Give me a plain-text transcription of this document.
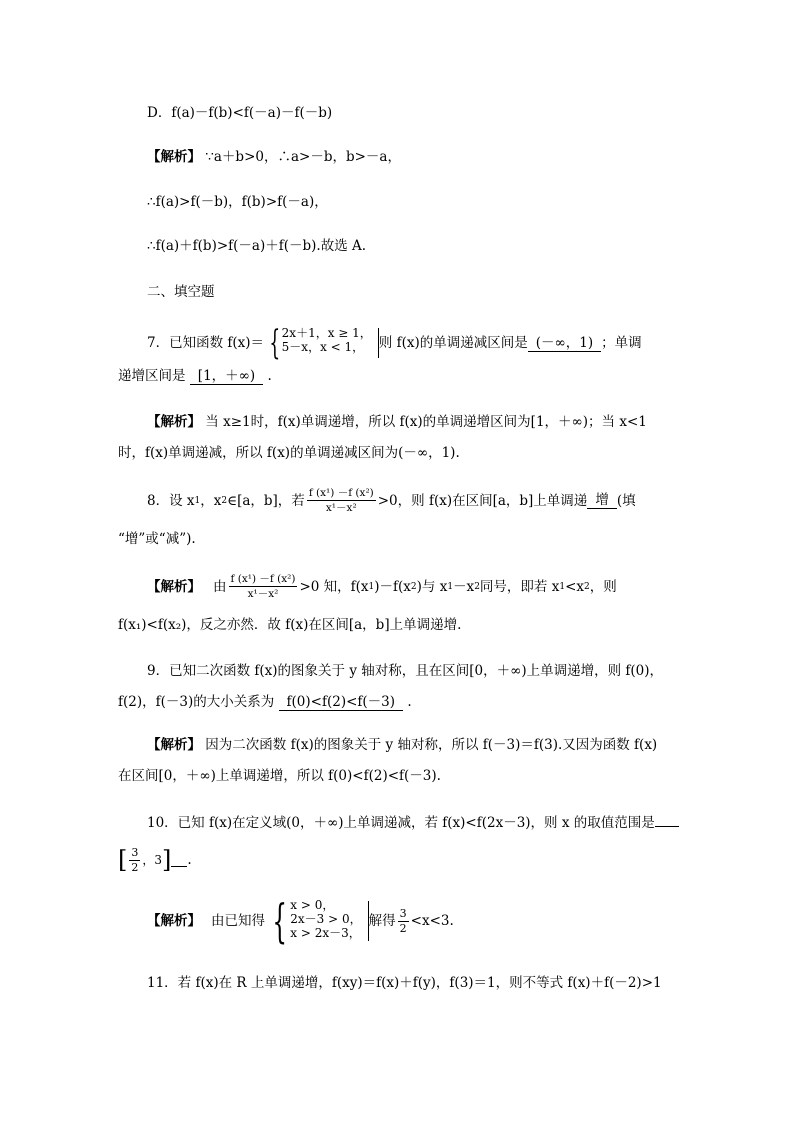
D．f(a)－f(b)<f(－a)－f(－b)
【解析】 ∵a＋b>0，∴a>－b，b>－a，
∴f(a)>f(－b)，f(b)>f(－a)，
∴f(a)＋f(b)>f(－a)＋f(－b).故选 A.
二、填空题
7．已知函数 f(x)＝ { 2x＋1，x ≥ 1，
5－x，x < 1，	则 f(x)的单调递减区间是 (－∞，1) ；单调
递增区间是 [1，＋∞) .
【解析】 当 x≥1时，f(x)单调递增，所以 f(x)的单调递增区间为[1，＋∞)；当 x<1
时，f(x)单调递减，所以 f(x)的单调递减区间为(－∞，1).
8．设 x 1 ，x 2 ∈[a，b]，若 $\frac{\text{f (x¹) －f (x²)}}{\text{x¹－x²}} >0$，则 f(x)在区间[a，b]上单调递 增 (填
“增”或“减”).
【解析】 由 $\frac{\text{f (x¹) －f (x²)}}{\text{x¹－x²}} >0$ 知，f(x 1 )－f(x 2 ) 与 x 1 －x 2 同号，即若 x 1 <x 2 ，则
f(x₁)<f(x₂)，反之亦然．故 f(x)在区间[a，b]上单调递增.
9．已知二次函数 f(x)的图象关于 y 轴对称，且在区间[0，＋∞)上单调递增，则 f(0)，
f(2)，f(－3)的大小关系为 f(0)<f(2)<f(－3) .
【解析】 因为二次函数 f(x)的图象关于 y 轴对称，所以 f(－3)＝f(3).又因为函数 f(x)
在区间[0，＋∞)上单调递增，所以 f(0)<f(2)<f(－3).
10．已知 f(x)在定义域(0，＋∞)上单调递减，若 f(x)<f(2x－3)，则 x 的取值范围是
[ $\frac{3}{2}$ ，3 ] .
【解析】 由已知得 { x > 0，
2x－3 > 0，
x > 2x－3，
解得 $\frac{3}{2} <x<3$.
11．若 f(x)在 R 上单调递增，f(xy)＝f(x)＋f(y)，f(3)＝1，则不等式 f(x)＋f(－2)>1
